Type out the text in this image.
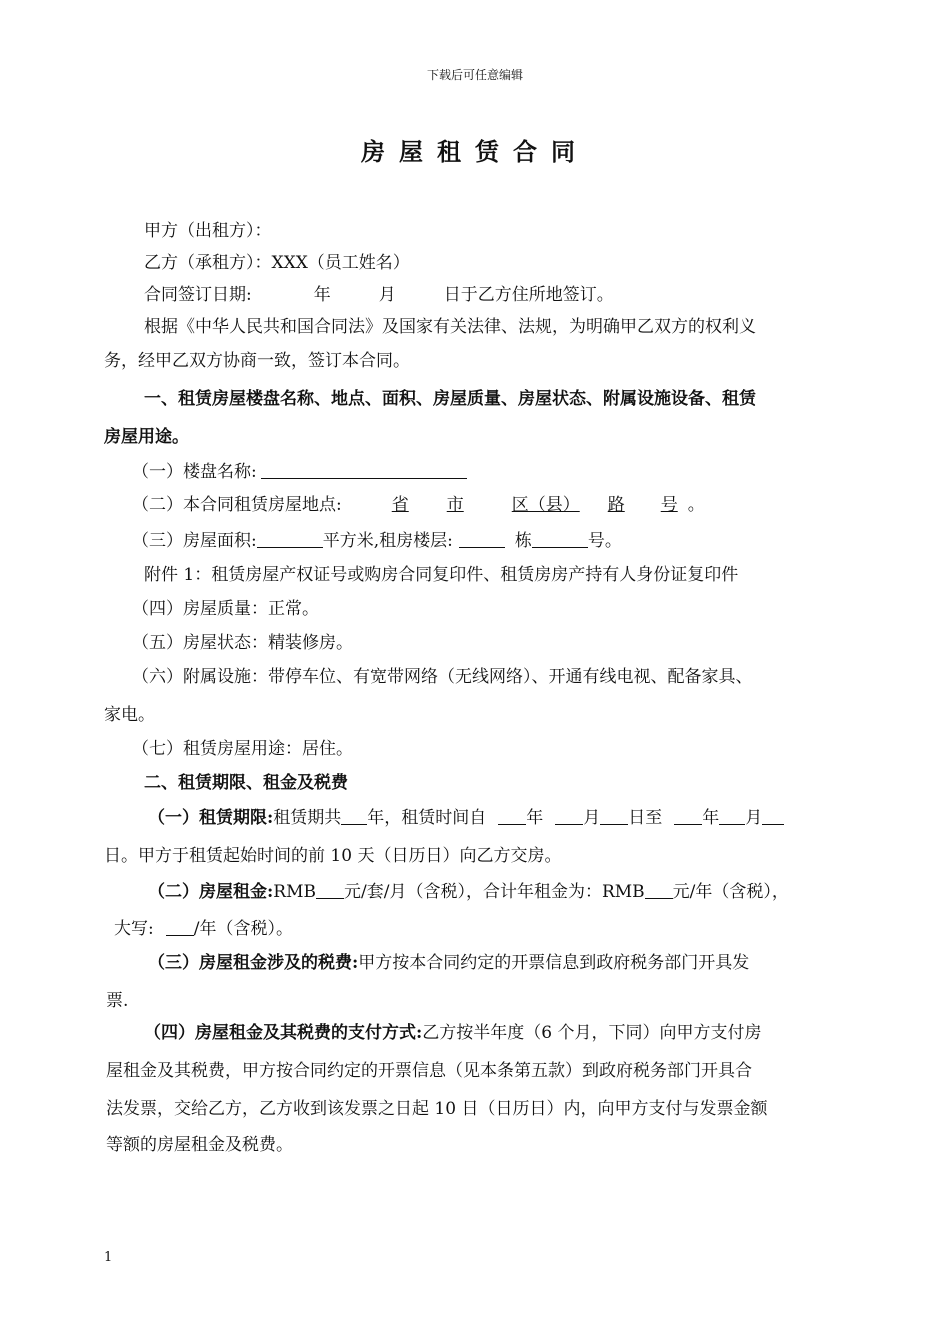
下载后可任意编辑
房屋租赁合同
甲方（出租方）：
乙方（承租方）：XXX（员工姓名）
合同签订日期:	年	月	日于乙方住所地签订。
根据《中华人民共和国合同法》及国家有关法律、法规，为明确甲乙双方的权利义
务，经甲乙双方协商一致，签订本合同。
一、租赁房屋楼盘名称、地点、面积、房屋质量、房屋状态、附属设施设备、租赁
房屋用途。
（一）楼盘名称:
（二）本合同租赁房屋地点:	省 市	区（县） 路 号 。
（三）房屋面积:	平方米,租房楼层:	栋	号。
附件 1：租赁房屋产权证号或购房合同复印件、租赁房房产持有人身份证复印件
（四）房屋质量：正常。
（五）房屋状态：精装修房。
（六）附属设施：带停车位、有宽带网络（无线网络）、开通有线电视、配备家具、
家电。
（七）租赁房屋用途：居住。
二、租赁期限、租金及税费
（一）租赁期限:租赁期共 年，租赁时间自 年 月 日至 年 月
日。甲方于租赁起始时间的前 10 天（日历日）向乙方交房。
（二）房屋租金:RMB 元/套/月（含税），合计年租金为：RMB 元/年（含税），
大写: /年（含税）。
（三）房屋租金涉及的税费:甲方按本合同约定的开票信息到政府税务部门开具发
票.
（四）房屋租金及其税费的支付方式:乙方按半年度（6 个月，下同）向甲方支付房
屋租金及其税费，甲方按合同约定的开票信息（见本条第五款）到政府税务部门开具合
法发票，交给乙方，乙方收到该发票之日起 10 日（日历日）内，向甲方支付与发票金额
等额的房屋租金及税费。
1
